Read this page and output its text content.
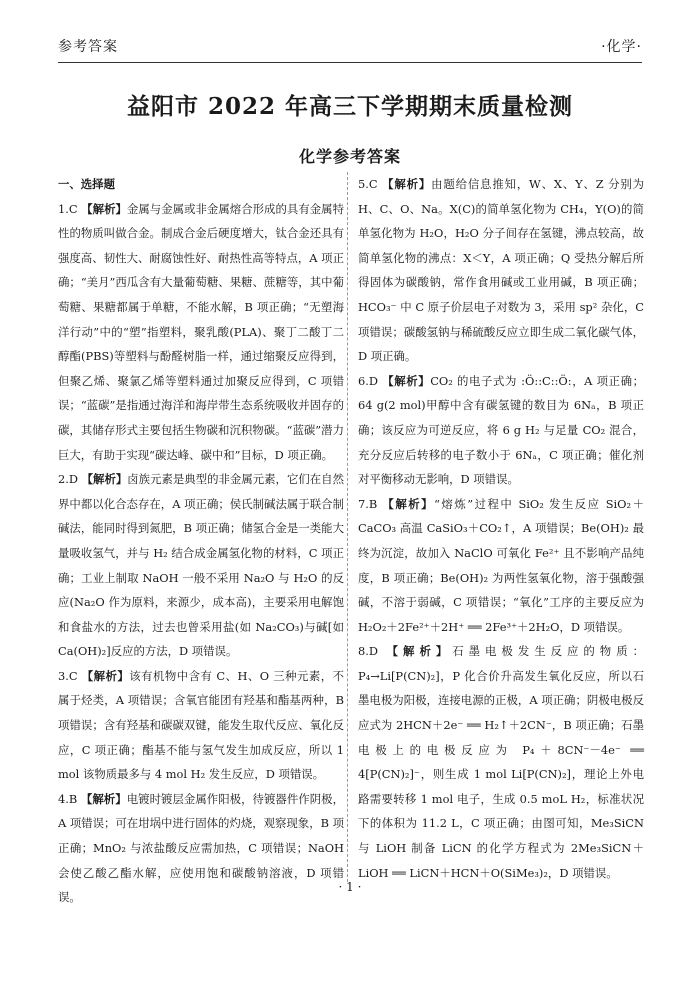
参考答案	·化学·
益阳市 2022 年高三下学期期末质量检测
化学参考答案
一、选择题

1.C 【解析】金属与金属或非金属熔合形成的具有金属特性的物质叫做合金。制成合金后硬度增大，钛合金还具有强度高、韧性大、耐腐蚀性好、耐热性高等特点，A 项正确；“美月”西瓜含有大量葡萄糖、果糖、蔗糖等，其中葡萄糖、果糖都属于单糖，不能水解，B 项正确；“无塑海洋行动”中的“塑”指塑料，聚乳酸(PLA)、聚丁二酸丁二醇酯(PBS)等塑料与酚醛树脂一样，通过缩聚反应得到，但聚乙烯、聚氯乙烯等塑料通过加聚反应得到，C 项错误；“蓝碳”是指通过海洋和海岸带生态系统吸收并固存的碳，其储存形式主要包括生物碳和沉积物碳。“蓝碳”潜力巨大，有助于实现“碳达峰、碳中和”目标，D 项正确。

2.D 【解析】卤族元素是典型的非金属元素，它们在自然界中都以化合态存在，A 项正确；侯氏制碱法属于联合制碱法，能同时得到氮肥，B 项正确；储氢合金是一类能大量吸收氢气，并与 H₂ 结合成金属氢化物的材料，C 项正确；工业上制取 NaOH 一般不采用 Na₂O 与 H₂O 的反应(Na₂O 作为原料，来源少，成本高)，主要采用电解饱和食盐水的方法，过去也曾采用盐(如 Na₂CO₃)与碱[如Ca(OH)₂]反应的方法，D 项错误。

3.C 【解析】该有机物中含有 C、H、O 三种元素，不属于烃类，A 项错误；含氧官能团有羟基和酯基两种，B 项错误；含有羟基和碳碳双键，能发生取代反应、氧化反应，C 项正确；酯基不能与氢气发生加成反应，所以 1 mol 该物质最多与 4 mol H₂ 发生反应，D 项错误。

4.B 【解析】电镀时镀层金属作阳极，待镀器件作阴极，A 项错误；可在坩埚中进行固体的灼烧，观察现象，B 项正确；MnO₂ 与浓盐酸反应需加热，C 项错误；NaOH 会使乙酸乙酯水解，应使用饱和碳酸钠溶液，D 项错误。

5.C 【解析】由题给信息推知，W、X、Y、Z 分别为 H、C、O、Na。X(C)的简单氢化物为 CH₄，Y(O)的简单氢化物为 H₂O，H₂O 分子间存在氢键，沸点较高，故简单氢化物的沸点：X＜Y，A 项正确；Q 受热分解后所得固体为碳酸钠，常作食用碱或工业用碱，B 项正确；HCO₃⁻ 中 C 原子价层电子对数为 3，采用 sp² 杂化，C 项错误；碳酸氢钠与稀硫酸反应立即生成二氧化碳气体，D 项正确。

6.D 【解析】CO₂ 的电子式为 :Ö::C::Ö:，A 项正确；64 g(2 mol)甲醇中含有碳氢键的数目为 6Nₐ，B 项正确；该反应为可逆反应，将 6 g H₂ 与足量 CO₂ 混合，充分反应后转移的电子数小于 6Nₐ，C 项正确；催化剂对平衡移动无影响，D 项错误。

7.B 【解析】“熔炼”过程中 SiO₂ 发生反应 SiO₂＋CaCO₃ 高温 CaSiO₃＋CO₂↑，A 项错误；Be(OH)₂ 最终为沉淀，故加入 NaClO 可氧化 Fe²⁺ 且不影响产品纯度，B 项正确；Be(OH)₂ 为两性氢氧化物，溶于强酸强碱，不溶于弱碱，C 项错误；“氧化”工序的主要反应为 H₂O₂＋2Fe²⁺＋2H⁺ ══ 2Fe³⁺＋2H₂O，D 项错误。

8.D 【解析】石墨电极发生反应的物质：P₄→Li[P(CN)₂]，P 化合价升高发生氧化反应，所以石墨电极为阳极，连接电源的正极，A 项正确；阴极电极反应式为 2HCN＋2e⁻ ══ H₂↑＋2CN⁻，B 项正确；石墨电极上的电极反应为 P₄＋8CN⁻－4e⁻ ══ 4[P(CN)₂]⁻，则生成 1 mol Li[P(CN)₂]，理论上外电路需要转移 1 mol 电子，生成 0.5 moL H₂，标准状况下的体积为 11.2 L，C 项正确；由图可知，Me₃SiCN 与 LiOH 制备 LiCN 的化学方程式为 2Me₃SiCN＋LiOH ══ LiCN＋HCN＋O(SiMe₃)₂，D 项错误。

· 1 ·
